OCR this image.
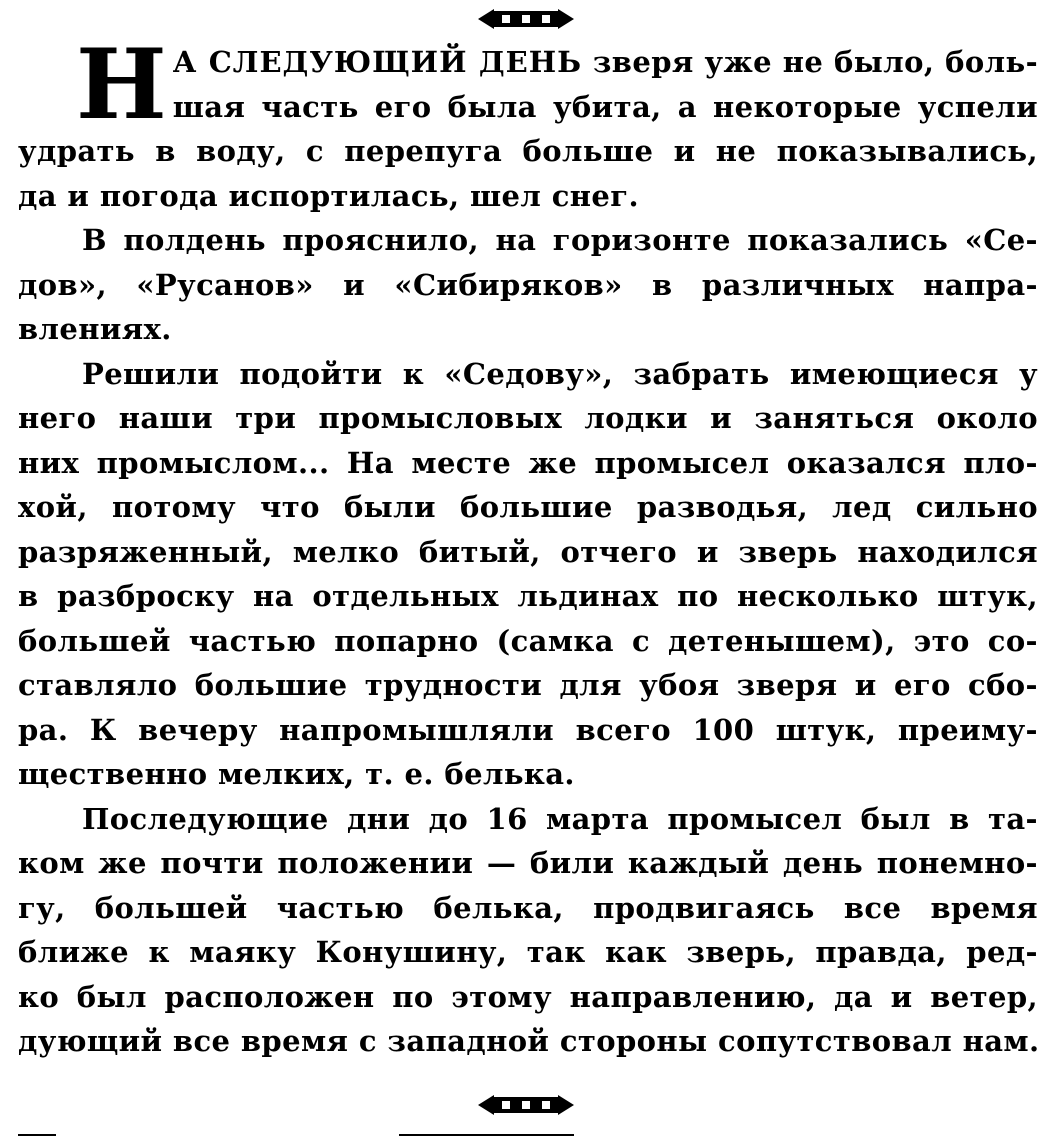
Н А СЛЕДУЮЩИЙ ДЕНЬ зверя уже не было, боль-
шая часть его была убита, а некоторые успели
удрать в воду, с перепуга больше и не показывались,
да и погода испортилась, шел снег.

В полдень прояснило, на горизонте показались «Се-
дов», «Русанов» и «Сибиряков» в различных напра-
влениях.

Решили подойти к «Седову», забрать имеющиеся у
него наши три промысловых лодки и заняться около
них промыслом... На месте же промысел оказался пло-
хой, потому что были большие разводья, лед сильно
разряженный, мелко битый, отчего и зверь находился
в разброску на отдельных льдинах по несколько штук,
большей частью попарно (самка с детенышем), это со-
ставляло большие трудности для убоя зверя и его сбо-
ра. К вечеру напромышляли всего 100 штук, преиму-
щественно мелких, т. е. белька.

Последующие дни до 16 марта промысел был в та-
ком же почти положении — били каждый день понемно-
гу, большей частью белька, продвигаясь все время
ближе к маяку Конушину, так как зверь, правда, ред-
ко был расположен по этому направлению, да и ветер,
дующий все время с западной стороны сопутствовал нам.
